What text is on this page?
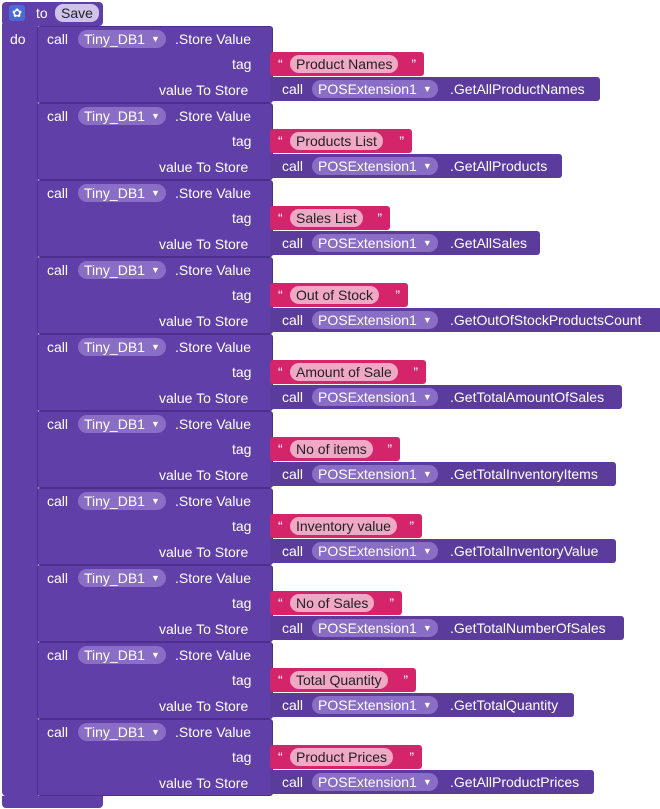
✿ to Save
do call Tiny_DB1 ▼ .Store Value
tag “ Product Names	”
value To Store call POSExtension1 ▼ .GetAllProductNames
call Tiny_DB1 ▼ .Store Value
tag “ Products List	”
value To Store call POSExtension1 ▼ .GetAllProducts
call Tiny_DB1 ▼ .Store Value
tag “ Sales List	”
value To Store call POSExtension1 ▼ .GetAllSales
call Tiny_DB1 ▼ .Store Value
tag “ Out of Stock	”
value To Store call POSExtension1 ▼ .GetOutOfStockProductsCount
call Tiny_DB1 ▼ .Store Value
tag “ Amount of Sale	”
value To Store call POSExtension1 ▼ .GetTotalAmountOfSales
call Tiny_DB1 ▼ .Store Value
tag “ No of items	”
value To Store call POSExtension1 ▼ .GetTotalInventoryItems
call Tiny_DB1 ▼ .Store Value
tag “ Inventory value	”
value To Store call POSExtension1 ▼ .GetTotalInventoryValue
call Tiny_DB1 ▼ .Store Value
tag “ No of Sales	”
value To Store call POSExtension1 ▼ .GetTotalNumberOfSales
call Tiny_DB1 ▼ .Store Value
tag “ Total Quantity	”
value To Store call POSExtension1 ▼ .GetTotalQuantity
call Tiny_DB1 ▼ .Store Value
tag “ Product Prices	”
value To Store call POSExtension1 ▼ .GetAllProductPrices
